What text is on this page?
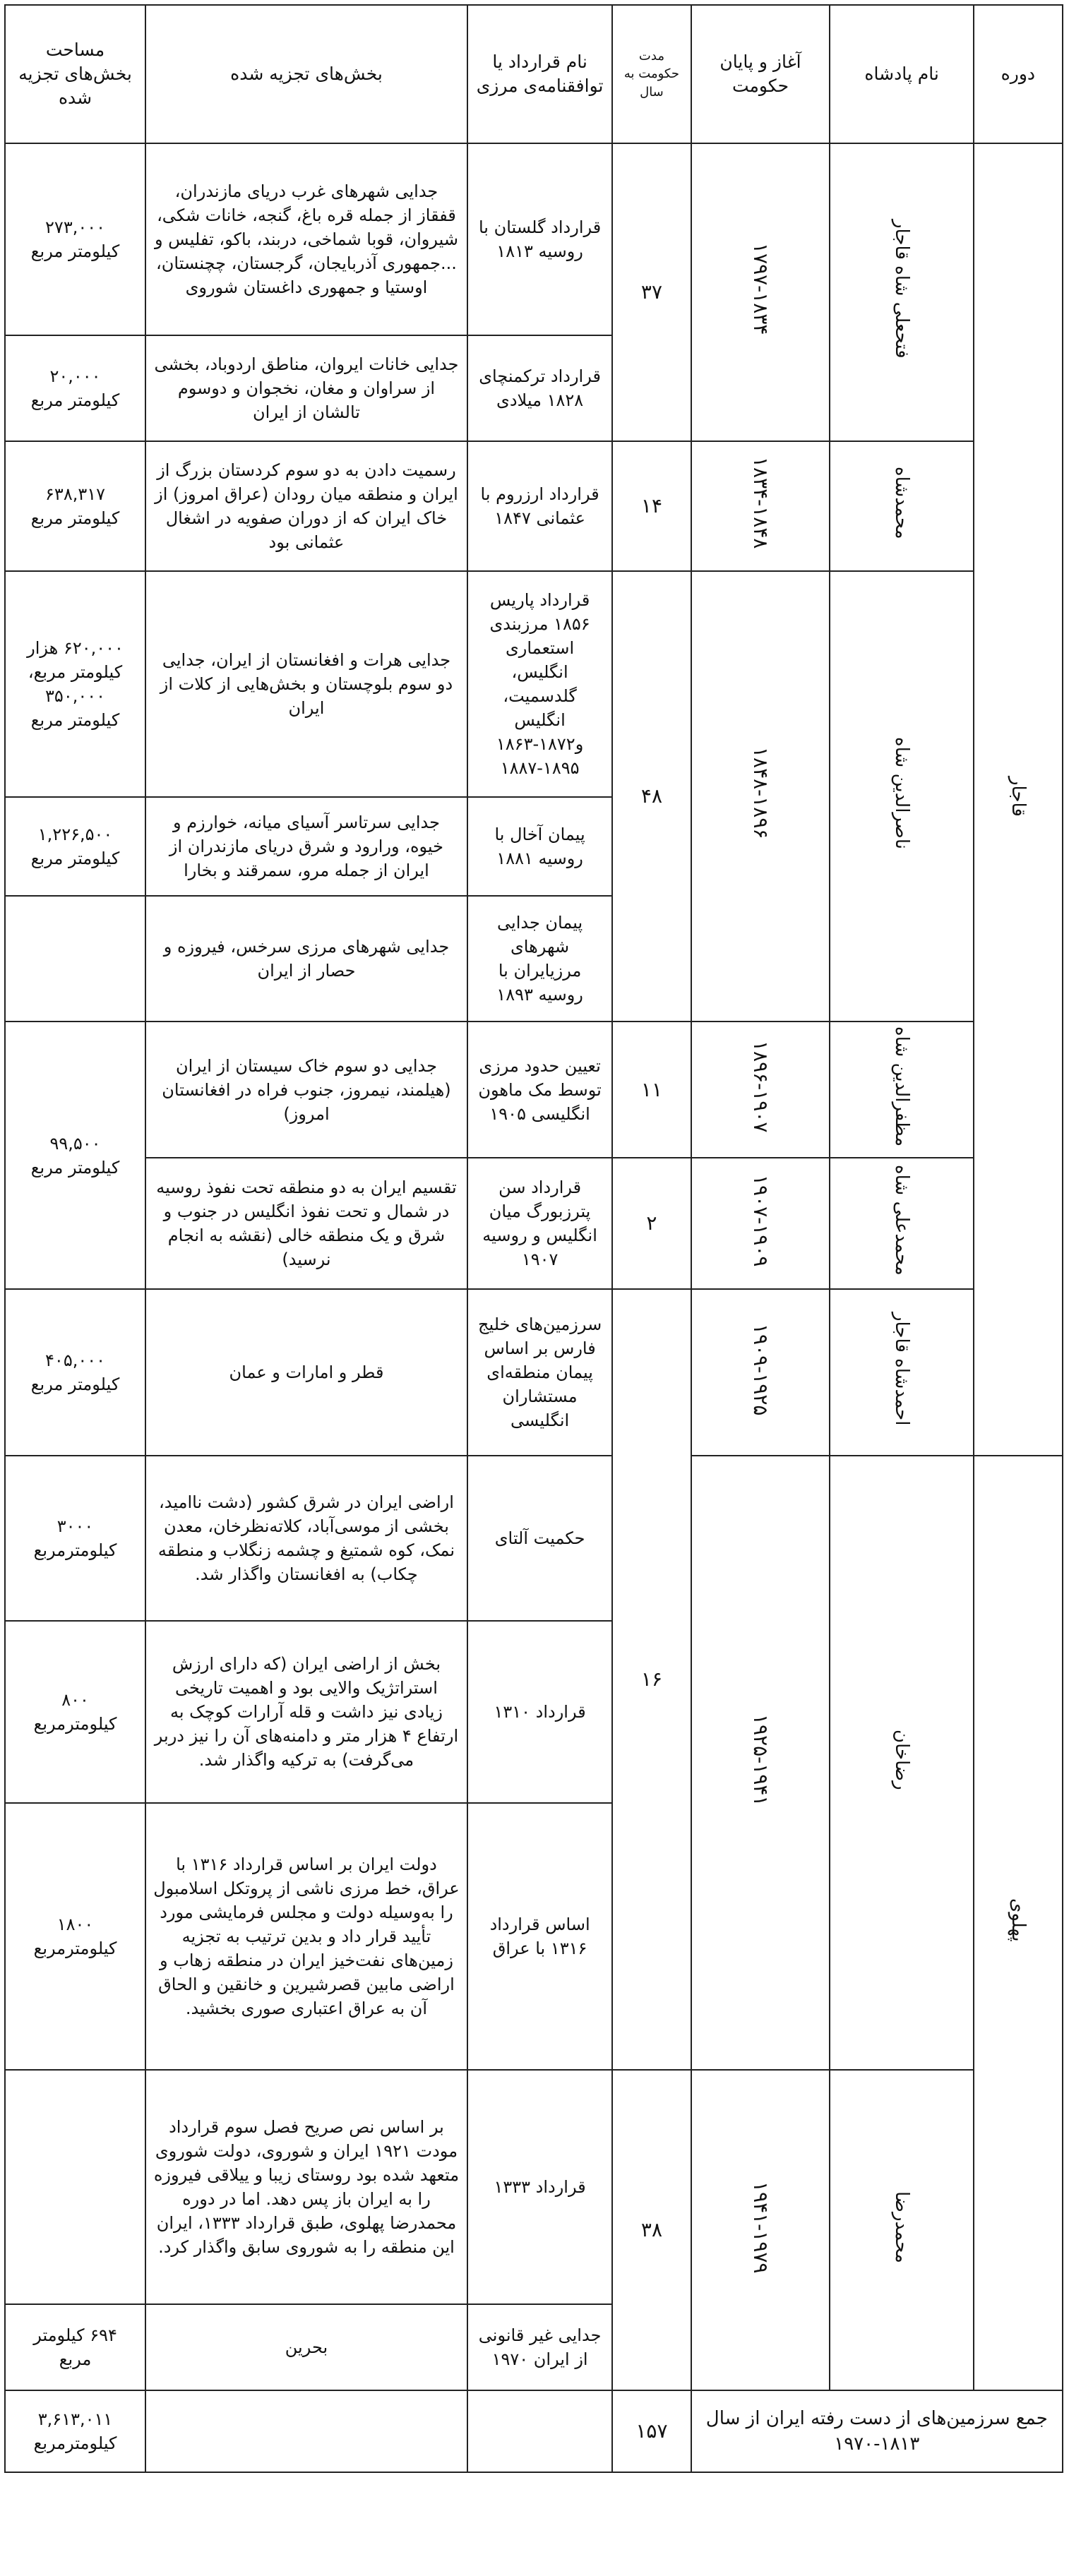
دوره	نام پادشاه	آغاز و پایان حکومت	مدت حکومت به سال	نام قرارداد یا توافقنامه‌ی مرزی	بخش‌های تجزیه شده	مساحت بخش‌های تجزیه شده
قاجار	فتحعلی شاه قاجار	۱۷۹۷-۱۸۳۴	۳۷	قرارداد گلستان با روسیه ۱۸۱۳	جدایی شهرهای غرب دریای مازندران، قفقاز از جمله قره باغ، گنجه، خانات شکی، شیروان، قوبا شماخی، دربند، باکو، تفلیس و ...جمهوری آذربایجان، گرجستان، چچنستان، اوستیا و جمهوری داغستان شوروی	۲۷۳,۰۰۰
کیلومتر مربع
				قرارداد ترکمنچای ۱۸۲۸ میلادی	جدایی خانات ایروان، مناطق اردوباد، بخشی از سراوان و مغان، نخجوان و دوسوم تالشان از ایران	۲۰,۰۰۰
کیلومتر مربع
	محمدشاه	۱۸۳۴-۱۸۴۸	۱۴	قرارداد ارزروم با عثمانی ۱۸۴۷	رسمیت دادن به دو سوم کردستان بزرگ از ایران و منطقه میان رودان (عراق امروز) از خاک ایران که از دوران صفویه در اشغال عثمانی بود	۶۳۸,۳۱۷
کیلومتر مربع
	ناصرالدین شاه	۱۸۴۸-۱۸۹۶	۴۸	قرارداد پاریس ۱۸۵۶ مرزبندی استعماری انگلیس، گلدسمیت، انگلیس و۱۸۷۲-۱۸۶۳ ۱۸۹۵-۱۸۸۷	جدایی هرات و افغانستان از ایران، جدایی دو سوم بلوچستان و بخش‌هایی از کلات از ایران	۶۲۰,۰۰۰ هزار
کیلومتر مربع،
۳۵۰,۰۰۰
کیلومتر مربع
				پیمان آخال با روسیه ۱۸۸۱	جدایی سرتاسر آسیای میانه، خوارزم و خیوه، ورارود و شرق دریای مازندران از ایران از جمله مرو، سمرقند و بخارا	۱,۲۲۶,۵۰۰
کیلومتر مربع
				پیمان جدایی شهرهای مرزیایران با روسیه ۱۸۹۳	جدایی شهرهای مرزی سرخس، فیروزه و حصار از ایران	
	مظفرالدین شاه	۱۸۹۶-۱۹۰۷	۱۱	تعیین حدود مرزی توسط مک ماهون انگلیسی ۱۹۰۵	جدایی دو سوم خاک سیستان از ایران (هیلمند، نیمروز، جنوب فراه در افغانستان امروز)	۹۹,۵۰۰
کیلومتر مربع
	محمدعلی شاه	۱۹۰۷-۱۹۰۹	۲	قرارداد سن پترزبورگ میان انگلیس و روسیه ۱۹۰۷	تقسیم ایران به دو منطقه تحت نفوذ روسیه در شمال و تحت نفوذ انگلیس در جنوب و شرق و یک منطقه خالی (نقشه به انجام نرسید)	
	احمدشاه قاجار	۱۹۰۹-۱۹۲۵	۱۶	سرزمین‌های خلیج فارس بر اساس پیمان منطقه‌ای مستشاران انگلیسی	قطر و امارات و عمان	۴۰۵,۰۰۰
کیلومتر مربع
پهلوی	رضاخان	۱۹۲۵-۱۹۴۱		حکمیت آلتای	اراضی ایران در شرق کشور (دشت ناامید، بخشی از موسی‌آباد، کلاته‌نظرخان، معدن نمک، کوه شمتیغ و چشمه زنگلاب و منطقه چکاب) به افغانستان واگذار شد.	۳۰۰۰
کیلومترمربع
				قرارداد ۱۳۱۰	بخش از اراضی ایران (که دارای ارزش استراتژیک والایی بود و اهمیت تاریخی زیادی نیز داشت و قله آرارات کوچک به ارتفاع ۴ هزار متر و دامنه‌های آن را نیز دربر می‌گرفت) به ترکیه واگذار شد.	۸۰۰
کیلومترمربع
				اساس قرارداد ۱۳۱۶ با عراق	دولت ایران بر اساس قرارداد ۱۳۱۶ با عراق، خط مرزی ناشی از پروتکل اسلامبول را به‌وسیله دولت و مجلس فرمایشی مورد تأیید قرار داد و بدین ترتیب به تجزیه زمین‌های نفت‌خیز ایران در منطقه زهاب و اراضی مابین قصرشیرین و خانقین و الحاق آن به عراق اعتباری صوری بخشید.	۱۸۰۰
کیلومترمربع
	محمدرضا	۱۹۴۱-۱۹۷۹	۳۸	قرارداد ۱۳۳۳	بر اساس نص صریح فصل سوم قرارداد مودت ۱۹۲۱ ایران و شوروی، دولت شوروی متعهد شده بود روستای زیبا و ییلاقی فیروزه را به ایران باز پس دهد. اما در دوره محمدرضا پهلوی، طبق قرارداد ۱۳۳۳، ایران این منطقه را به شوروی سابق واگذار کرد.	
				جدایی غیر قانونی از ایران ۱۹۷۰	بحرین	۶۹۴ کیلومتر
مربع
جمع سرزمین‌های از دست رفته ایران از سال ۱۸۱۳-۱۹۷۰			۱۵۷			۳,۶۱۳,۰۱۱
کیلومترمربع
